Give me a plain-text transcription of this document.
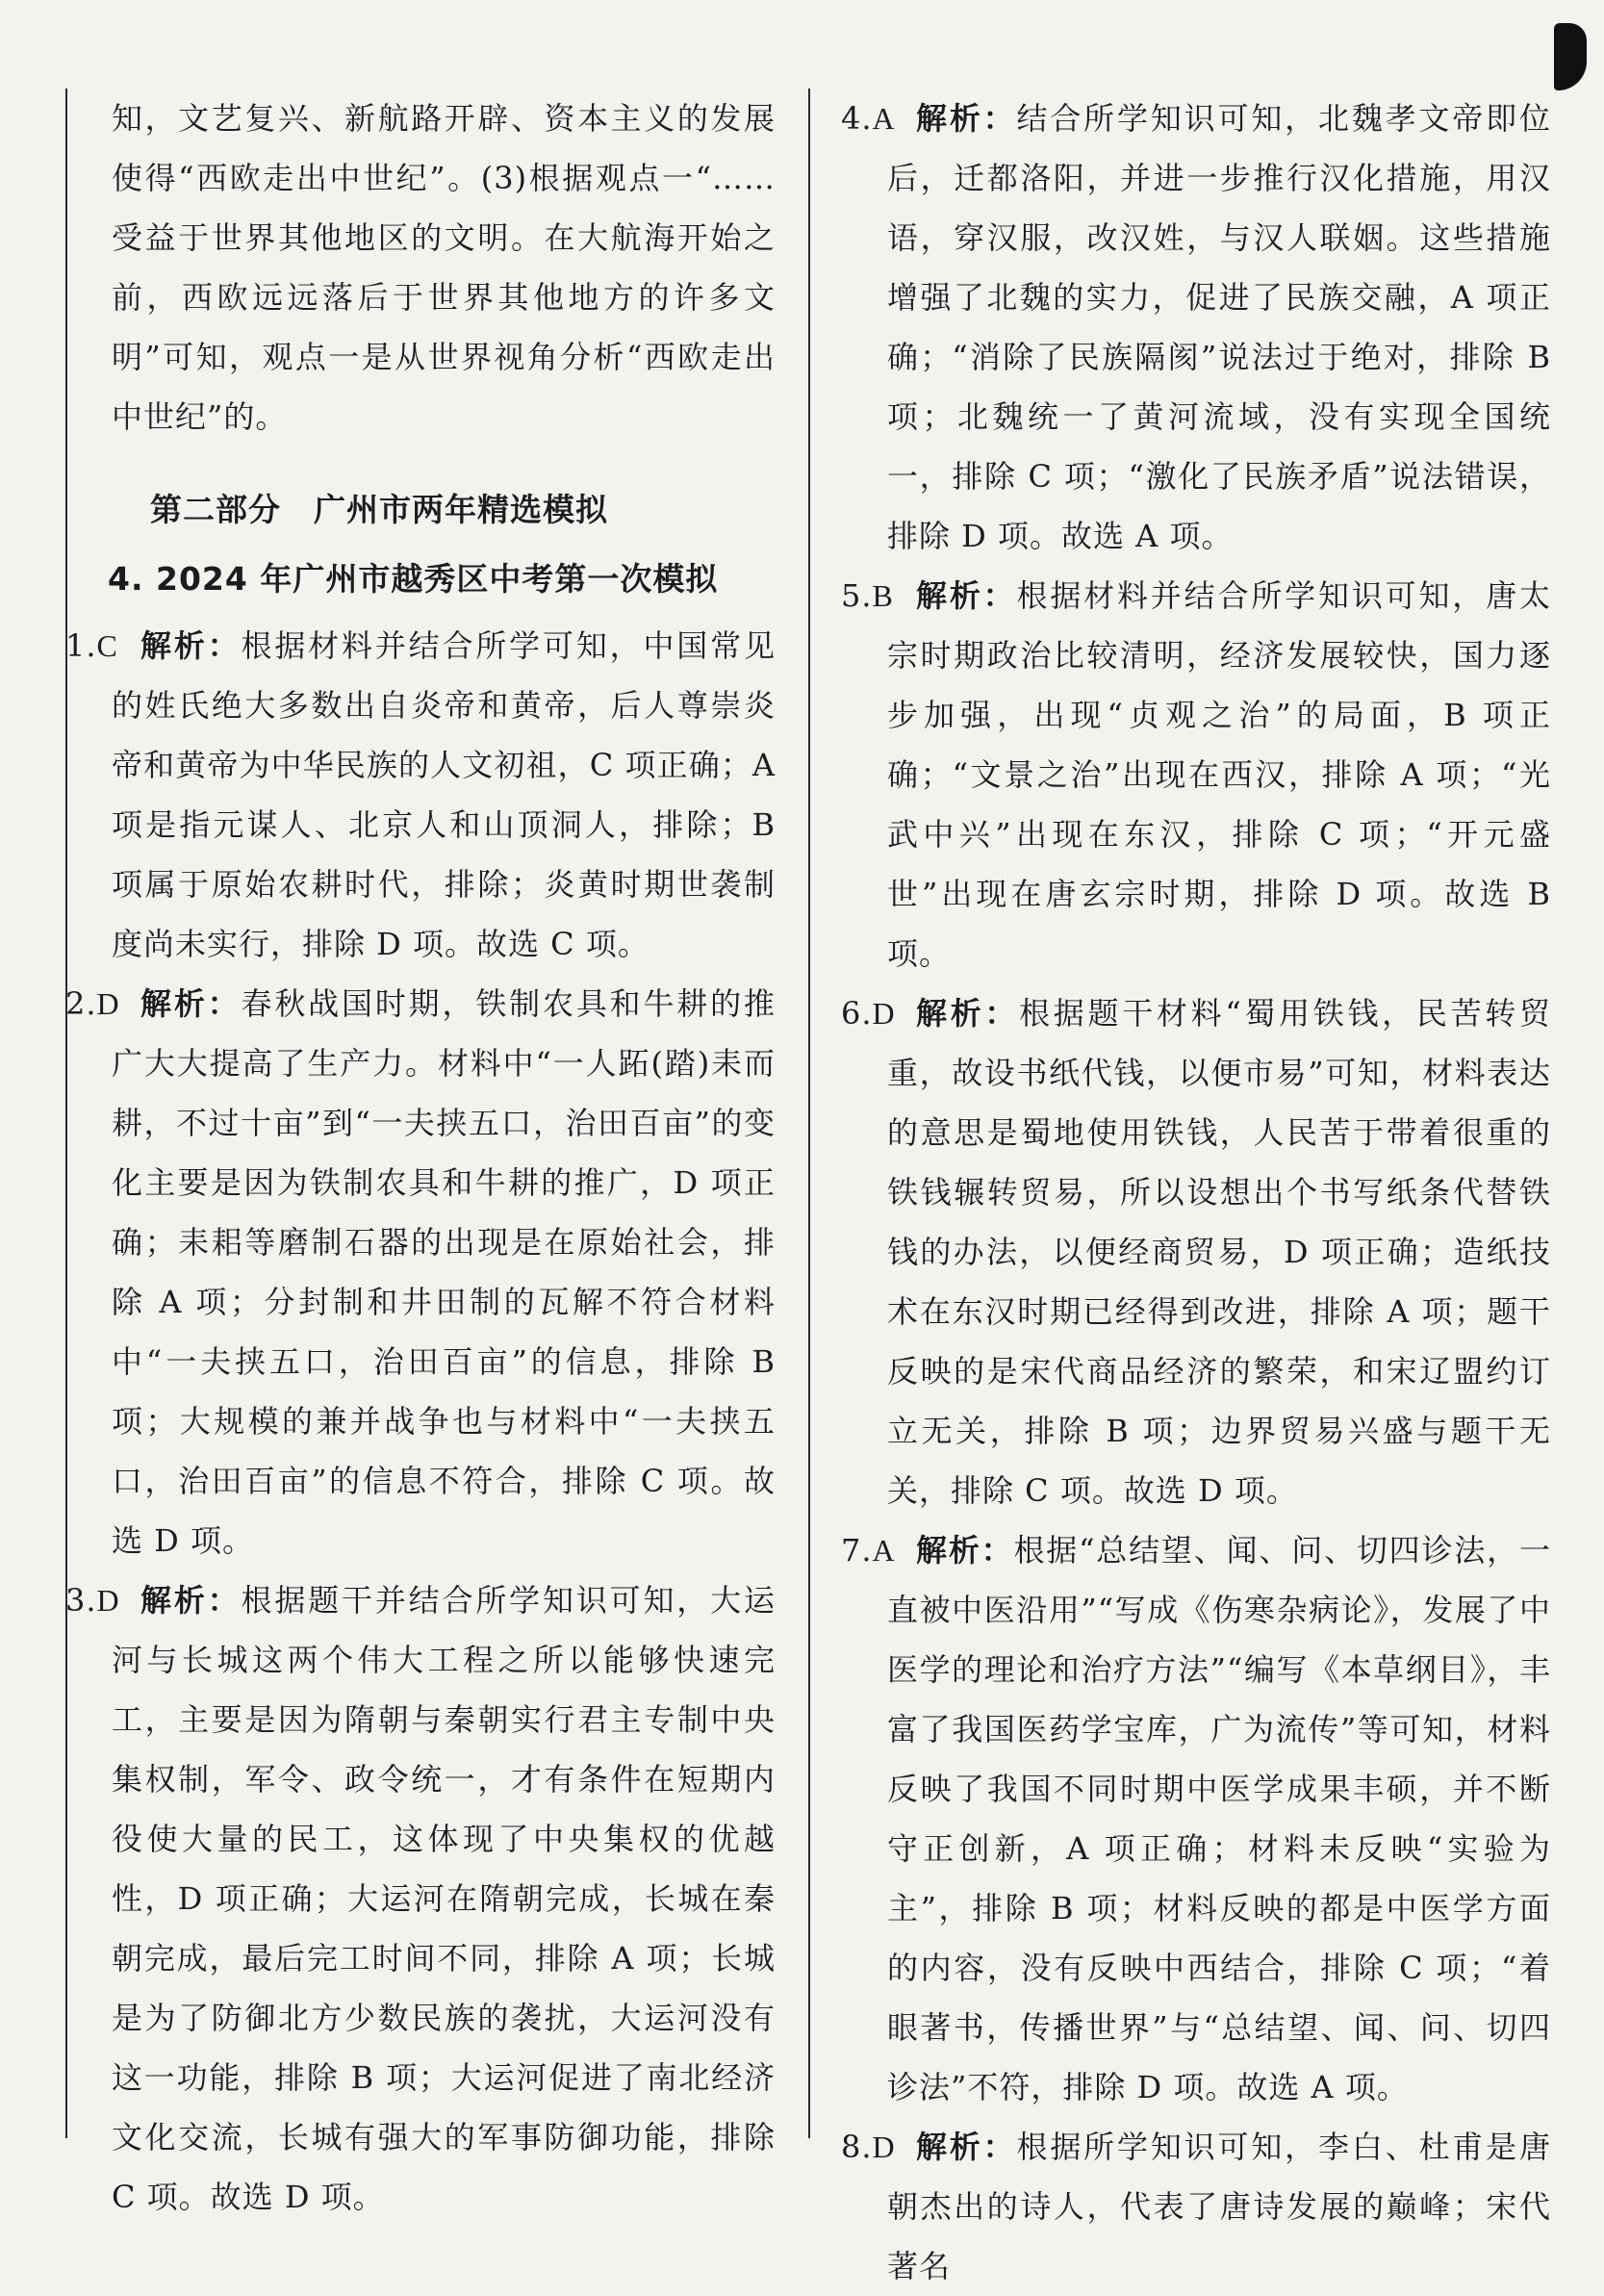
知，文艺复兴、新航路开辟、资本主义的发展使得“西欧走出中世纪”。(3)根据观点一“……受益于世界其他地区的文明。在大航海开始之前，西欧远远落后于世界其他地方的许多文明”可知，观点一是从世界视角分析“西欧走出中世纪”的。

第二部分　广州市两年精选模拟
4. 2024 年广州市越秀区中考第一次模拟
1.C 解析：根据材料并结合所学可知，中国常见的姓氏绝大多数出自炎帝和黄帝，后人尊崇炎帝和黄帝为中华民族的人文初祖，C 项正确；A 项是指元谋人、北京人和山顶洞人，排除；B 项属于原始农耕时代，排除；炎黄时期世袭制度尚未实行，排除 D 项。故选 C 项。
2.D 解析：春秋战国时期，铁制农具和牛耕的推广大大提高了生产力。材料中“一人跖(踏)耒而耕，不过十亩”到“一夫挟五口，治田百亩”的变化主要是因为铁制农具和牛耕的推广，D 项正确；耒耜等磨制石器的出现是在原始社会，排除 A 项；分封制和井田制的瓦解不符合材料中“一夫挟五口，治田百亩”的信息，排除 B 项；大规模的兼并战争也与材料中“一夫挟五口，治田百亩”的信息不符合，排除 C 项。故选 D 项。
3.D 解析：根据题干并结合所学知识可知，大运河与长城这两个伟大工程之所以能够快速完工，主要是因为隋朝与秦朝实行君主专制中央集权制，军令、政令统一，才有条件在短期内役使大量的民工，这体现了中央集权的优越性，D 项正确；大运河在隋朝完成，长城在秦朝完成，最后完工时间不同，排除 A 项；长城是为了防御北方少数民族的袭扰，大运河没有这一功能，排除 B 项；大运河促进了南北经济文化交流，长城有强大的军事防御功能，排除 C 项。故选 D 项。
4.A 解析：结合所学知识可知，北魏孝文帝即位后，迁都洛阳，并进一步推行汉化措施，用汉语，穿汉服，改汉姓，与汉人联姻。这些措施增强了北魏的实力，促进了民族交融，A 项正确；“消除了民族隔阂”说法过于绝对，排除 B 项；北魏统一了黄河流域，没有实现全国统一，排除 C 项；“激化了民族矛盾”说法错误，排除 D 项。故选 A 项。
5.B 解析：根据材料并结合所学知识可知，唐太宗时期政治比较清明，经济发展较快，国力逐步加强，出现“贞观之治”的局面，B 项正确；“文景之治”出现在西汉，排除 A 项；“光武中兴”出现在东汉，排除 C 项；“开元盛世”出现在唐玄宗时期，排除 D 项。故选 B 项。
6.D 解析：根据题干材料“蜀用铁钱，民苦转贸重，故设书纸代钱，以便市易”可知，材料表达的意思是蜀地使用铁钱，人民苦于带着很重的铁钱辗转贸易，所以设想出个书写纸条代替铁钱的办法，以便经商贸易，D 项正确；造纸技术在东汉时期已经得到改进，排除 A 项；题干反映的是宋代商品经济的繁荣，和宋辽盟约订立无关，排除 B 项；边界贸易兴盛与题干无关，排除 C 项。故选 D 项。
7.A 解析：根据“总结望、闻、问、切四诊法，一直被中医沿用”“写成《伤寒杂病论》，发展了中医学的理论和治疗方法”“编写《本草纲目》，丰富了我国医药学宝库，广为流传”等可知，材料反映了我国不同时期中医学成果丰硕，并不断守正创新，A 项正确；材料未反映“实验为主”，排除 B 项；材料反映的都是中医学方面的内容，没有反映中西结合，排除 C 项；“着眼著书，传播世界”与“总结望、闻、问、切四诊法”不符，排除 D 项。故选 A 项。
8.D 解析：根据所学知识可知，李白、杜甫是唐朝杰出的诗人，代表了唐诗发展的巅峰；宋代著名
